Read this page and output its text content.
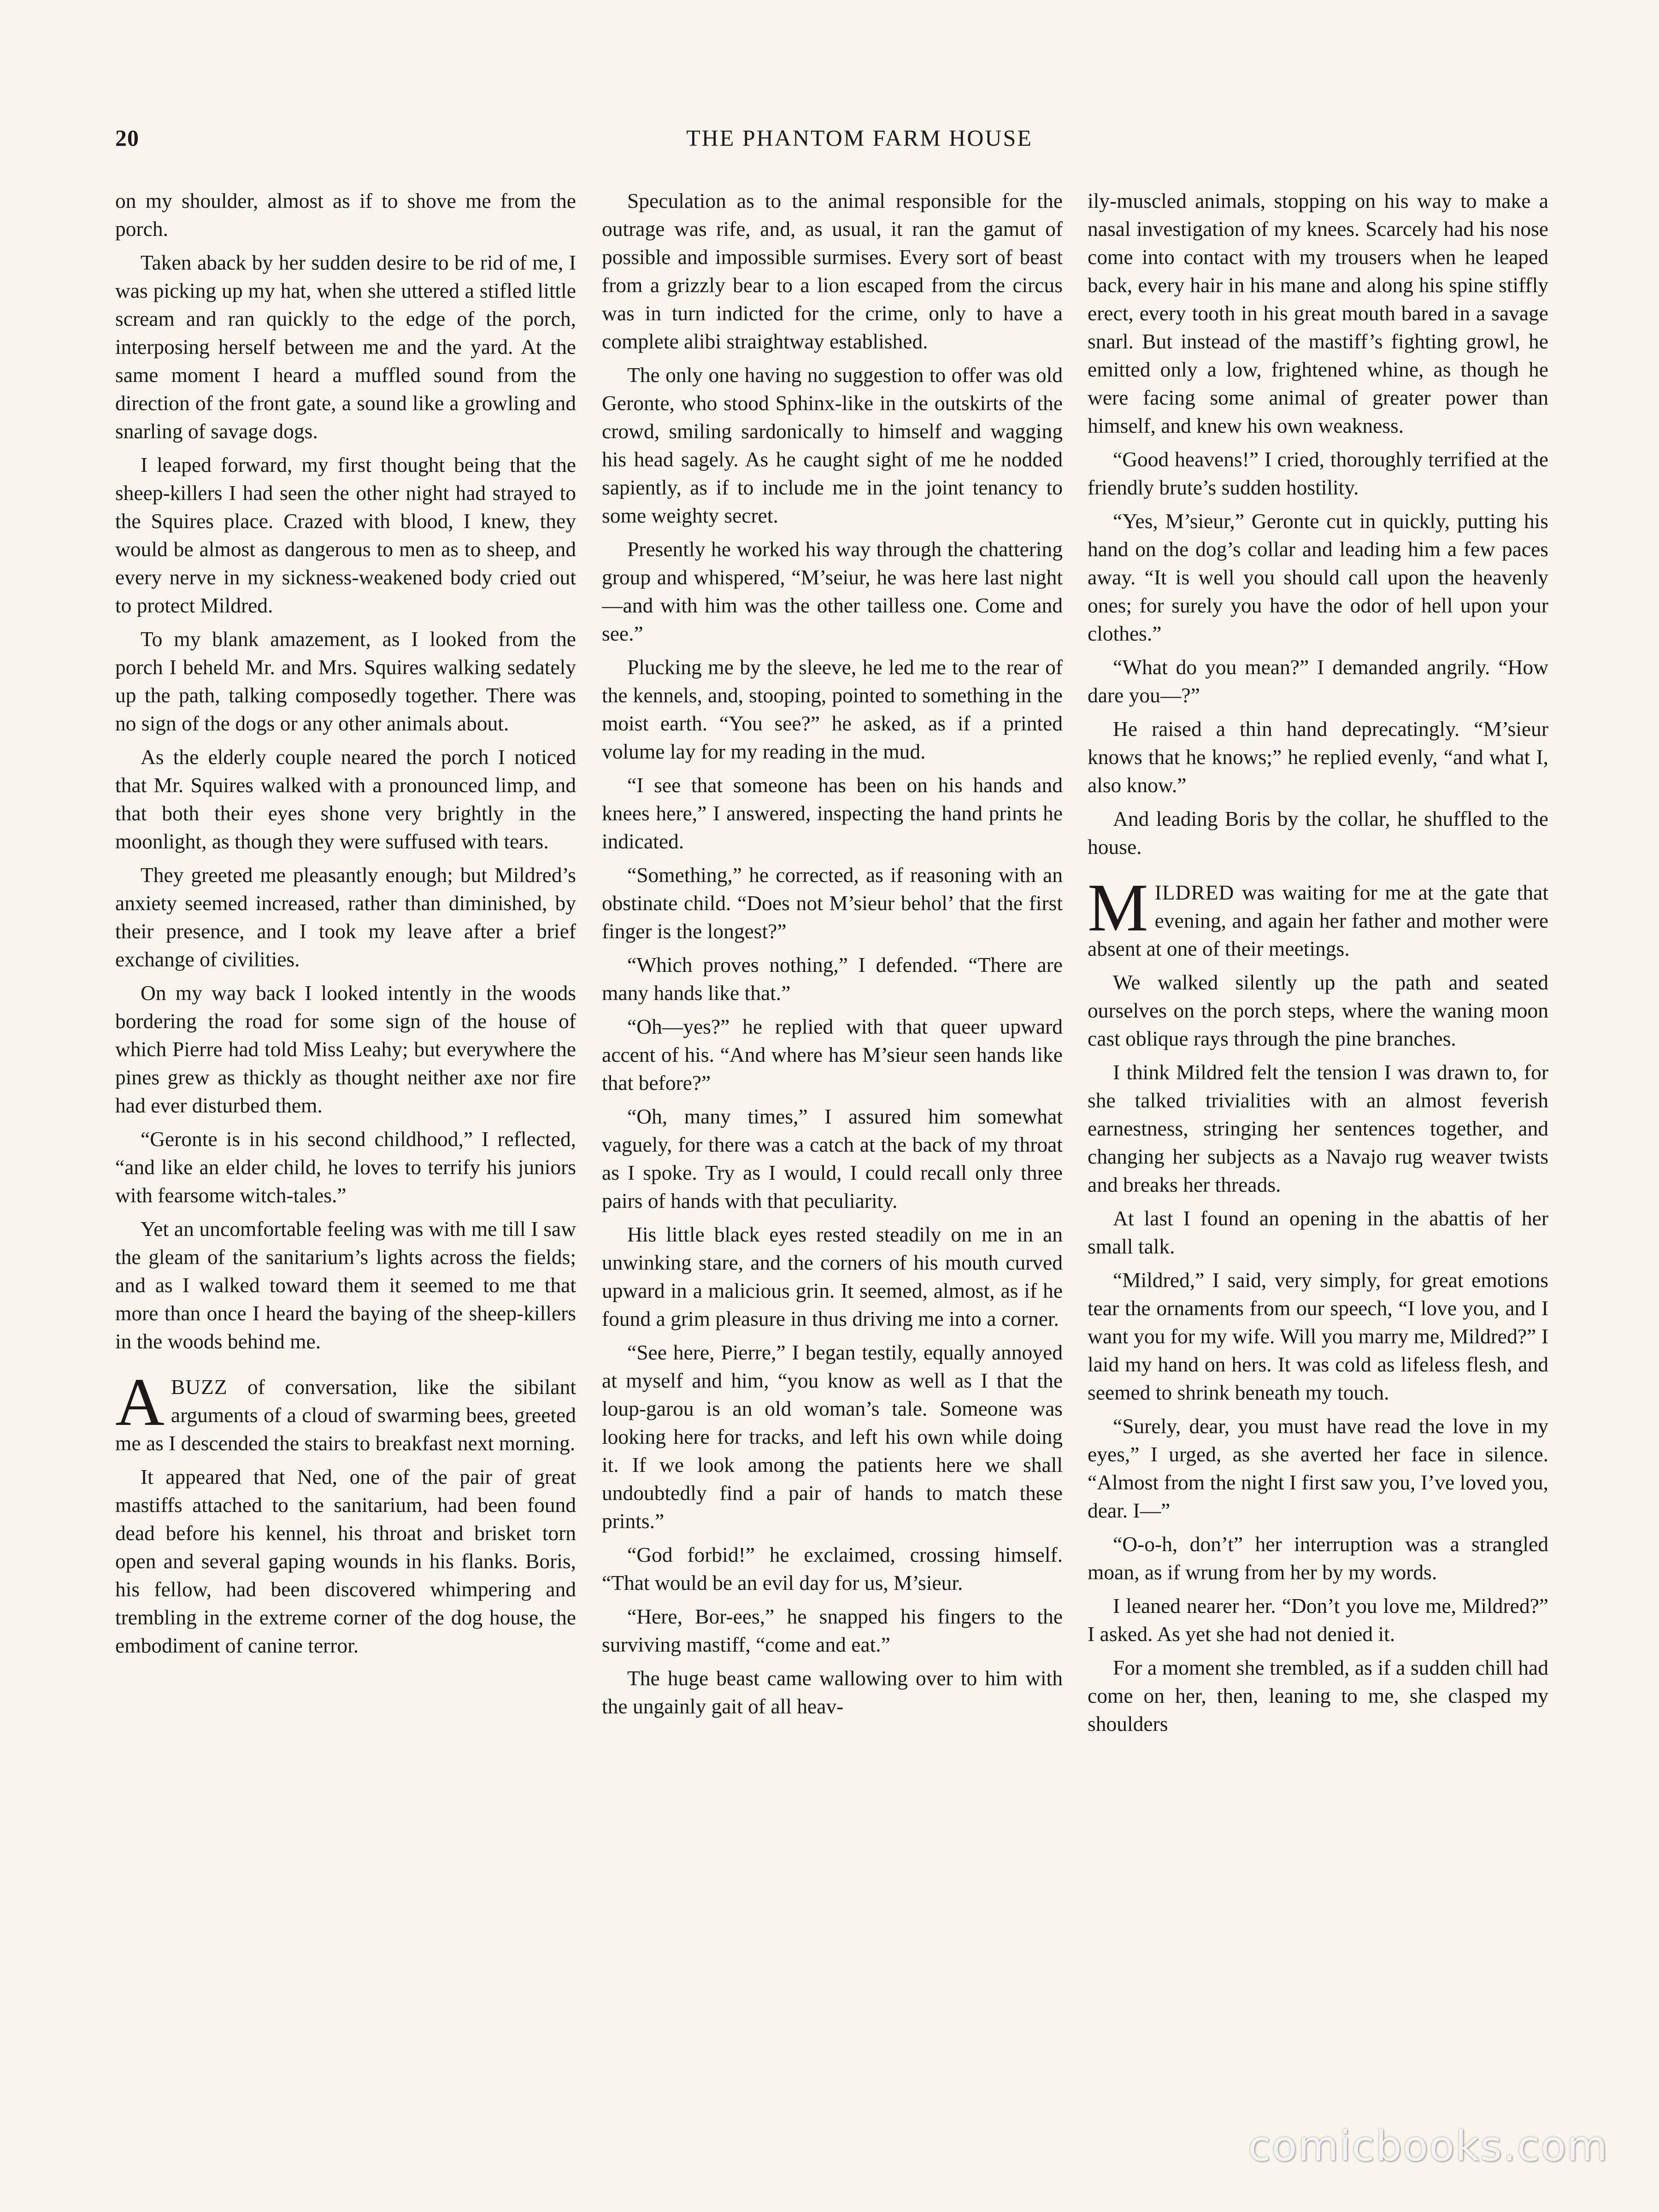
20	THE PHANTOM FARM HOUSE

on my shoulder, almost as if to shove me from the porch.

Taken aback by her sudden desire to be rid of me, I was picking up my hat, when she uttered a stifled little scream and ran quickly to the edge of the porch, interposing herself between me and the yard. At the same moment I heard a muffled sound from the direction of the front gate, a sound like a growling and snarling of savage dogs.

I leaped forward, my first thought being that the sheep-killers I had seen the other night had strayed to the Squires place. Crazed with blood, I knew, they would be almost as dangerous to men as to sheep, and every nerve in my sickness-weakened body cried out to protect Mildred.

To my blank amazement, as I looked from the porch I beheld Mr. and Mrs. Squires walking sedately up the path, talking composedly together. There was no sign of the dogs or any other animals about.

As the elderly couple neared the porch I noticed that Mr. Squires walked with a pronounced limp, and that both their eyes shone very brightly in the moonlight, as though they were suffused with tears.

They greeted me pleasantly enough; but Mildred’s anxiety seemed increased, rather than diminished, by their presence, and I took my leave after a brief exchange of civilities.

On my way back I looked intently in the woods bordering the road for some sign of the house of which Pierre had told Miss Leahy; but everywhere the pines grew as thickly as thought neither axe nor fire had ever disturbed them.

“Geronte is in his second childhood,” I reflected, “and like an elder child, he loves to terrify his juniors with fearsome witch-tales.”

Yet an uncomfortable feeling was with me till I saw the gleam of the sanitarium’s lights across the fields; and as I walked toward them it seemed to me that more than once I heard the baying of the sheep-killers in the woods behind me.

ABUZZ of conversation, like the sibilant arguments of a cloud of swarming bees, greeted me as I descended the stairs to breakfast next morning.

It appeared that Ned, one of the pair of great mastiffs attached to the sanitarium, had been found dead before his kennel, his throat and brisket torn open and several gaping wounds in his flanks. Boris, his fellow, had been discovered whimpering and trembling in the extreme corner of the dog house, the embodiment of canine terror.

Speculation as to the animal responsible for the outrage was rife, and, as usual, it ran the gamut of possible and impossible surmises. Every sort of beast from a grizzly bear to a lion escaped from the circus was in turn indicted for the crime, only to have a complete alibi straightway established.

The only one having no suggestion to offer was old Geronte, who stood Sphinx-like in the outskirts of the crowd, smiling sardonically to himself and wagging his head sagely. As he caught sight of me he nodded sapiently, as if to include me in the joint tenancy to some weighty secret.

Presently he worked his way through the chattering group and whispered, “M’seiur, he was here last night—and with him was the other tailless one. Come and see.”

Plucking me by the sleeve, he led me to the rear of the kennels, and, stooping, pointed to something in the moist earth. “You see?” he asked, as if a printed volume lay for my reading in the mud.

“I see that someone has been on his hands and knees here,” I answered, inspecting the hand prints he indicated.

“Something,” he corrected, as if reasoning with an obstinate child. “Does not M’sieur behol’ that the first finger is the longest?”

“Which proves nothing,” I defended. “There are many hands like that.”

“Oh—yes?” he replied with that queer upward accent of his. “And where has M’sieur seen hands like that before?”

“Oh, many times,” I assured him somewhat vaguely, for there was a catch at the back of my throat as I spoke. Try as I would, I could recall only three pairs of hands with that peculiarity.

His little black eyes rested steadily on me in an unwinking stare, and the corners of his mouth curved upward in a malicious grin. It seemed, almost, as if he found a grim pleasure in thus driving me into a corner.

“See here, Pierre,” I began testily, equally annoyed at myself and him, “you know as well as I that the loup-garou is an old woman’s tale. Someone was looking here for tracks, and left his own while doing it. If we look among the patients here we shall undoubtedly find a pair of hands to match these prints.”

“God forbid!” he exclaimed, crossing himself. “That would be an evil day for us, M’sieur.

“Here, Bor-ees,” he snapped his fingers to the surviving mastiff, “come and eat.”

The huge beast came wallowing over to him with the ungainly gait of all heav-

ily-muscled animals, stopping on his way to make a nasal investigation of my knees. Scarcely had his nose come into contact with my trousers when he leaped back, every hair in his mane and along his spine stiffly erect, every tooth in his great mouth bared in a savage snarl. But instead of the mastiff’s fighting growl, he emitted only a low, frightened whine, as though he were facing some animal of greater power than himself, and knew his own weakness.

“Good heavens!” I cried, thoroughly terrified at the friendly brute’s sudden hostility.

“Yes, M’sieur,” Geronte cut in quickly, putting his hand on the dog’s collar and leading him a few paces away. “It is well you should call upon the heavenly ones; for surely you have the odor of hell upon your clothes.”

“What do you mean?” I demanded angrily. “How dare you—?”

He raised a thin hand deprecatingly. “M’sieur knows that he knows;” he replied evenly, “and what I, also know.”

And leading Boris by the collar, he shuffled to the house.

MILDRED was waiting for me at the gate that evening, and again her father and mother were absent at one of their meetings.

We walked silently up the path and seated ourselves on the porch steps, where the waning moon cast oblique rays through the pine branches.

I think Mildred felt the tension I was drawn to, for she talked trivialities with an almost feverish earnestness, stringing her sentences together, and changing her subjects as a Navajo rug weaver twists and breaks her threads.

At last I found an opening in the abattis of her small talk.

“Mildred,” I said, very simply, for great emotions tear the ornaments from our speech, “I love you, and I want you for my wife. Will you marry me, Mildred?” I laid my hand on hers. It was cold as lifeless flesh, and seemed to shrink beneath my touch.

“Surely, dear, you must have read the love in my eyes,” I urged, as she averted her face in silence. “Almost from the night I first saw you, I’ve loved you, dear. I—”

“O-o-h, don’t” her interruption was a strangled moan, as if wrung from her by my words.

I leaned nearer her. “Don’t you love me, Mildred?” I asked. As yet she had not denied it.

For a moment she trembled, as if a sudden chill had come on her, then, leaning to me, she clasped my shoulders

comicbooks.com
